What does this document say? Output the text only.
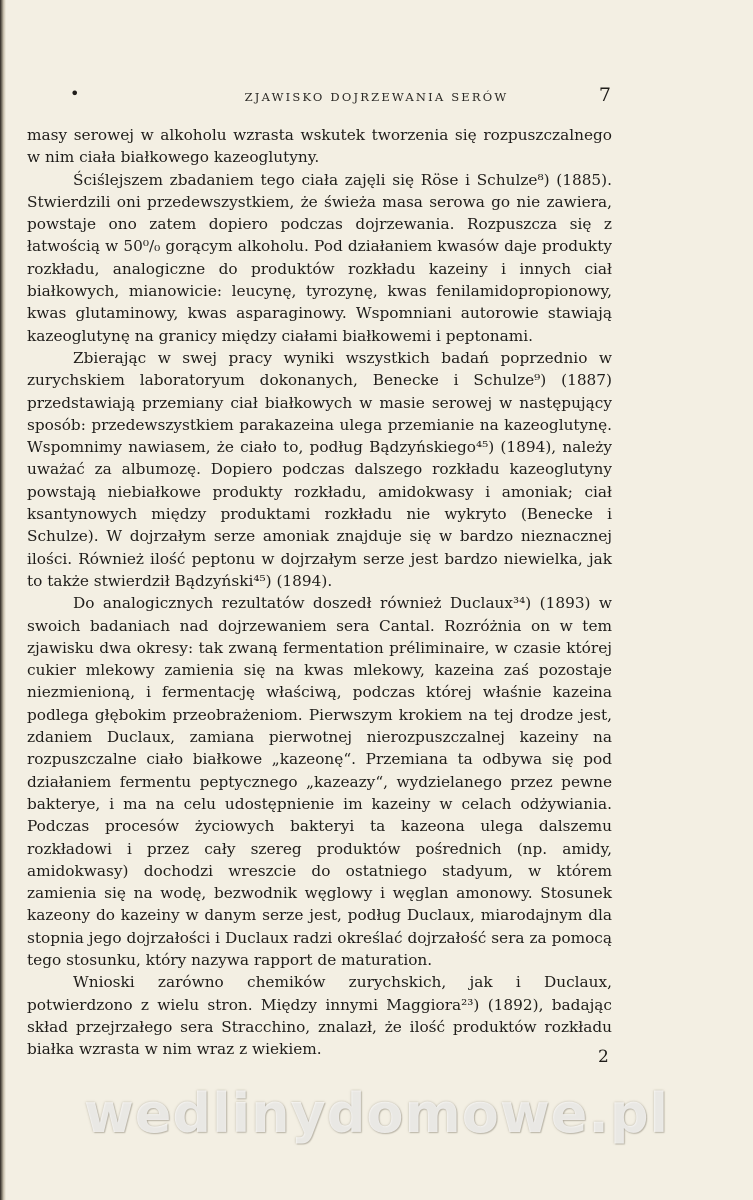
•	ZJAWISKO DOJRZEWANIA SERÓW	7

masy serowej w alkoholu wzrasta wskutek tworzenia się rozpuszczalnego w nim ciała białkowego kazeoglutyny.

Ściślejszem zbadaniem tego ciała zajęli się Röse i Schulze⁸) (1885). Stwierdzili oni przedewszystkiem, że świeża masa serowa go nie zawiera, powstaje ono zatem dopiero podczas dojrzewania. Rozpuszcza się z łatwością w 50⁰/₀ gorącym alkoholu. Pod działaniem kwasów daje produkty rozkładu, analogiczne do produktów rozkładu kazeiny i innych ciał białkowych, mianowicie: leucynę, tyrozynę, kwas fenilamidopropionowy, kwas glutaminowy, kwas asparaginowy. Wspomniani autorowie stawiają kazeoglutynę na granicy między ciałami białkowemi i peptonami.

Zbierając w swej pracy wyniki wszystkich badań poprzednio w zurychskiem laboratoryum dokonanych, Benecke i Schulze⁹) (1887) przedstawiają przemiany ciał białkowych w masie serowej w następujący sposób: przedewszystkiem parakazeina ulega przemianie na kazeoglutynę. Wspomnimy nawiasem, że ciało to, podług Bądzyńskiego⁴⁵) (1894), należy uważać za albumozę. Dopiero podczas dalszego rozkładu kazeoglutyny powstają niebiałkowe produkty rozkładu, amidokwasy i amoniak; ciał ksantynowych między produktami rozkładu nie wykryto (Benecke i Schulze). W dojrzałym serze amoniak znajduje się w bardzo nieznacznej ilości. Również ilość peptonu w dojrzałym serze jest bardzo niewielka, jak to także stwierdził Bądzyński⁴⁵) (1894).

Do analogicznych rezultatów doszedł również Duclaux³⁴) (1893) w swoich badaniach nad dojrzewaniem sera Cantal. Rozróżnia on w tem zjawisku dwa okresy: tak zwaną fermentation préliminaire, w czasie której cukier mlekowy zamienia się na kwas mlekowy, kazeina zaś pozostaje niezmienioną, i fermentację właściwą, podczas której właśnie kazeina podlega głębokim przeobrażeniom. Pierwszym krokiem na tej drodze jest, zdaniem Duclaux, zamiana pierwotnej nierozpuszczalnej kazeiny na rozpuszczalne ciało białkowe „kazeonę“. Przemiana ta odbywa się pod działaniem fermentu peptycznego „kazeazy“, wydzielanego przez pewne bakterye, i ma na celu udostępnienie im kazeiny w celach odżywiania. Podczas procesów życiowych bakteryi ta kazeona ulega dalszemu rozkładowi i przez cały szereg produktów pośrednich (np. amidy, amidokwasy) dochodzi wreszcie do ostatniego stadyum, w którem zamienia się na wodę, bezwodnik węglowy i węglan amonowy. Stosunek kazeony do kazeiny w danym serze jest, podług Duclaux, miarodajnym dla stopnia jego dojrzałości i Duclaux radzi określać dojrzałość sera za pomocą tego stosunku, który nazywa rapport de maturation.

Wnioski zarówno chemików zurychskich, jak i Duclaux, potwierdzono z wielu stron. Między innymi Maggiora²³) (1892), badając skład przejrzałego sera Stracchino, znalazł, że ilość produktów rozkładu białka wzrasta w nim wraz z wiekiem.	2
wedlinydomowe.pl
